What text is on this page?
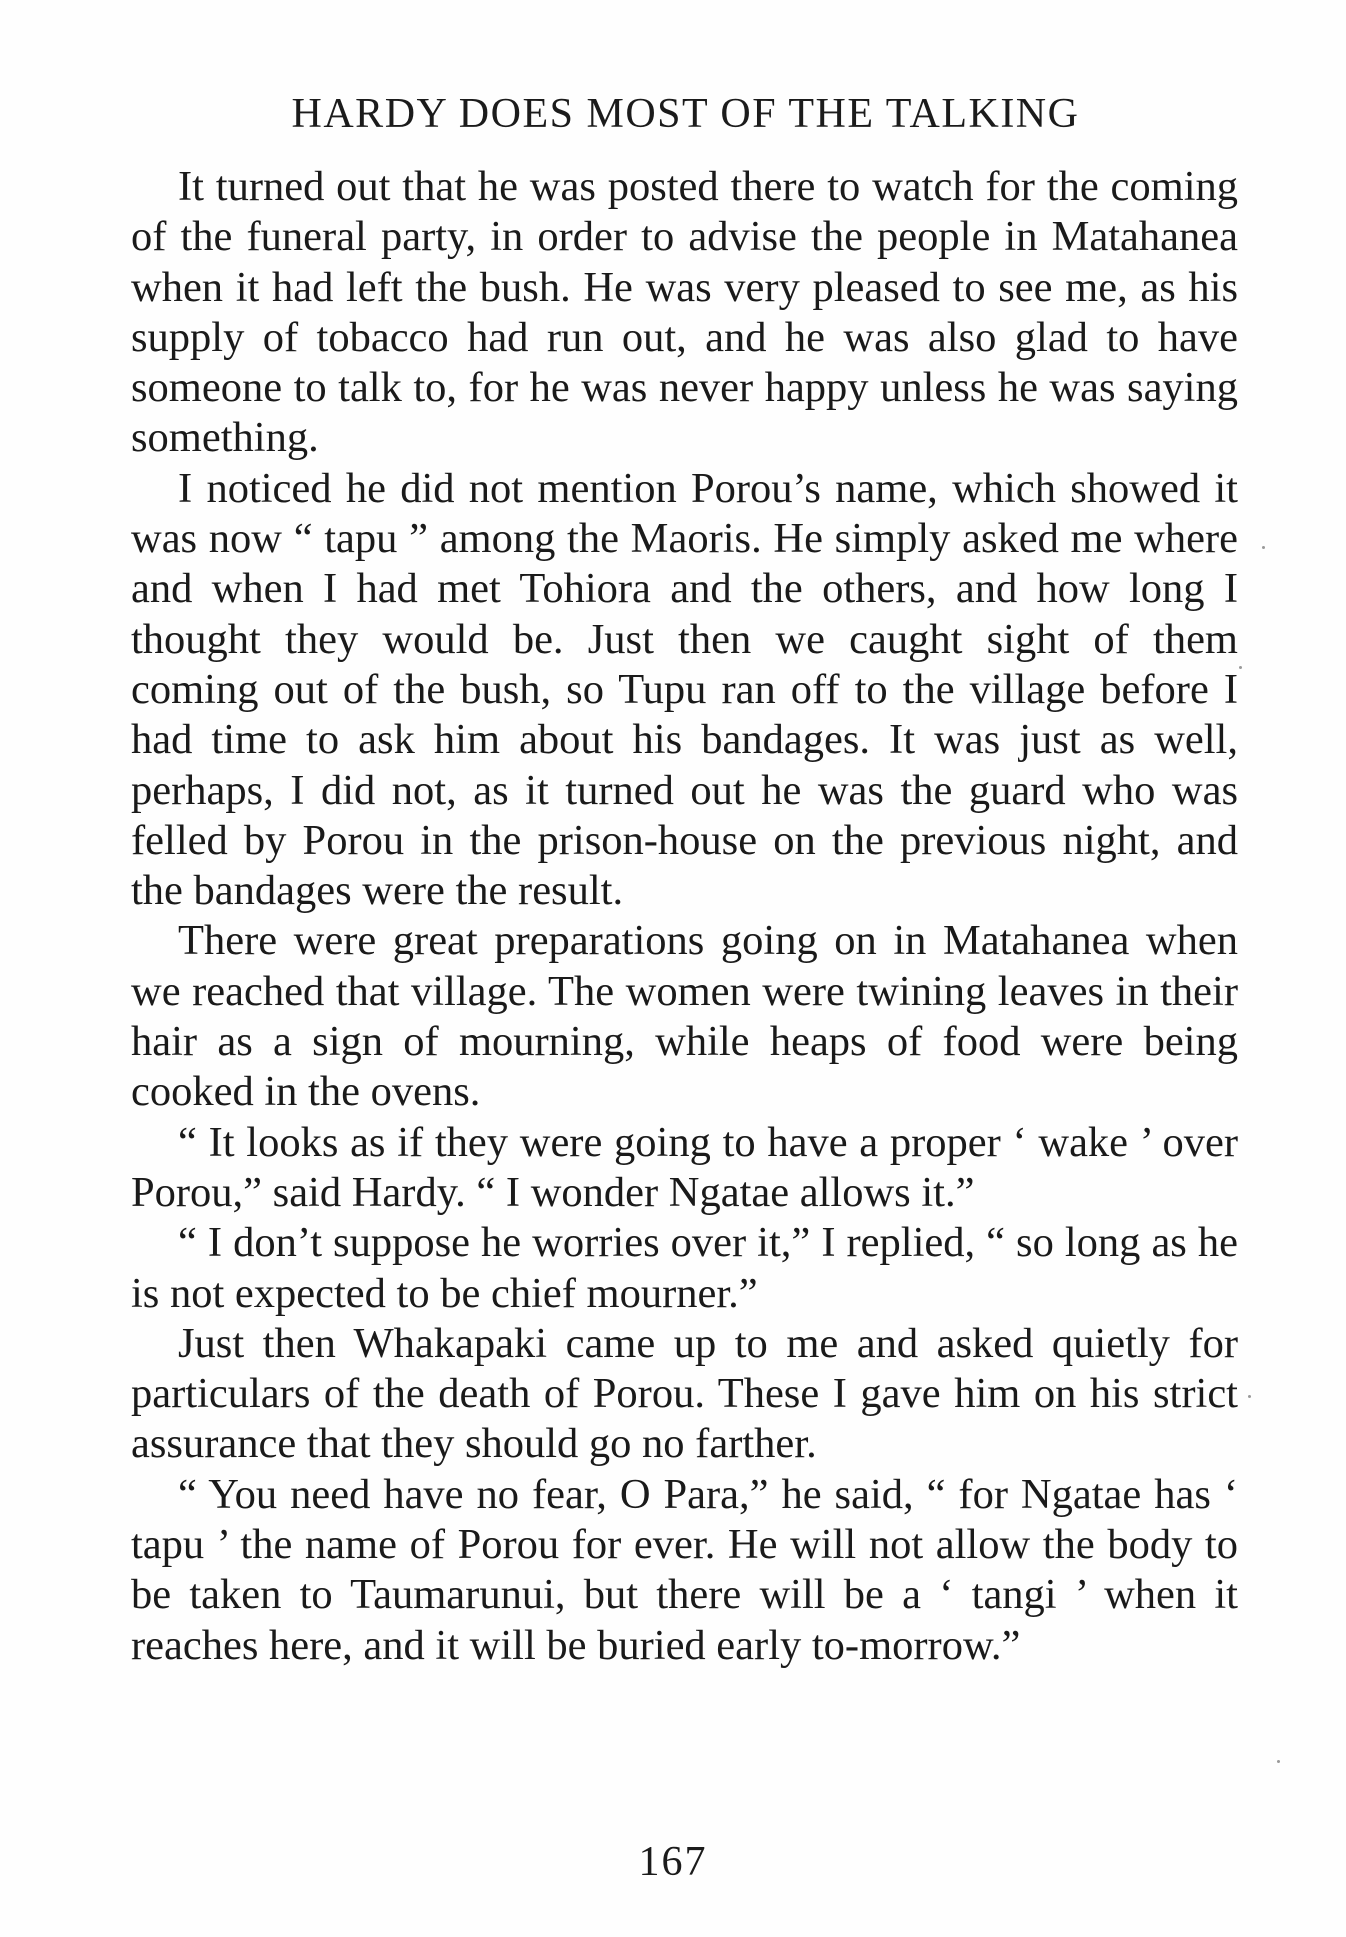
HARDY DOES MOST OF THE TALKING

It turned out that he was posted there to watch for the coming of the funeral party, in order to advise the people in Matahanea when it had left the bush. He was very pleased to see me, as his supply of tobacco had run out, and he was also glad to have someone to talk to, for he was never happy unless he was saying something.

I noticed he did not mention Porou’s name, which showed it was now “ tapu ” among the Maoris. He simply asked me where and when I had met Tohiora and the others, and how long I thought they would be. Just then we caught sight of them coming out of the bush, so Tupu ran off to the village before I had time to ask him about his bandages. It was just as well, perhaps, I did not, as it turned out he was the guard who was felled by Porou in the prison-house on the previous night, and the bandages were the result.

There were great preparations going on in Matahanea when we reached that village. The women were twining leaves in their hair as a sign of mourning, while heaps of food were being cooked in the ovens.

“ It looks as if they were going to have a proper ‘ wake ’ over Porou,” said Hardy. “ I wonder Ngatae allows it.”

“ I don’t suppose he worries over it,” I replied, “ so long as he is not expected to be chief mourner.”

Just then Whakapaki came up to me and asked quietly for particulars of the death of Porou. These I gave him on his strict assurance that they should go no farther.

“ You need have no fear, O Para,” he said, “ for Ngatae has ‘ tapu ’ the name of Porou for ever. He will not allow the body to be taken to Taumarunui, but there will be a ‘ tangi ’ when it reaches here, and it will be buried early to-morrow.”

167
